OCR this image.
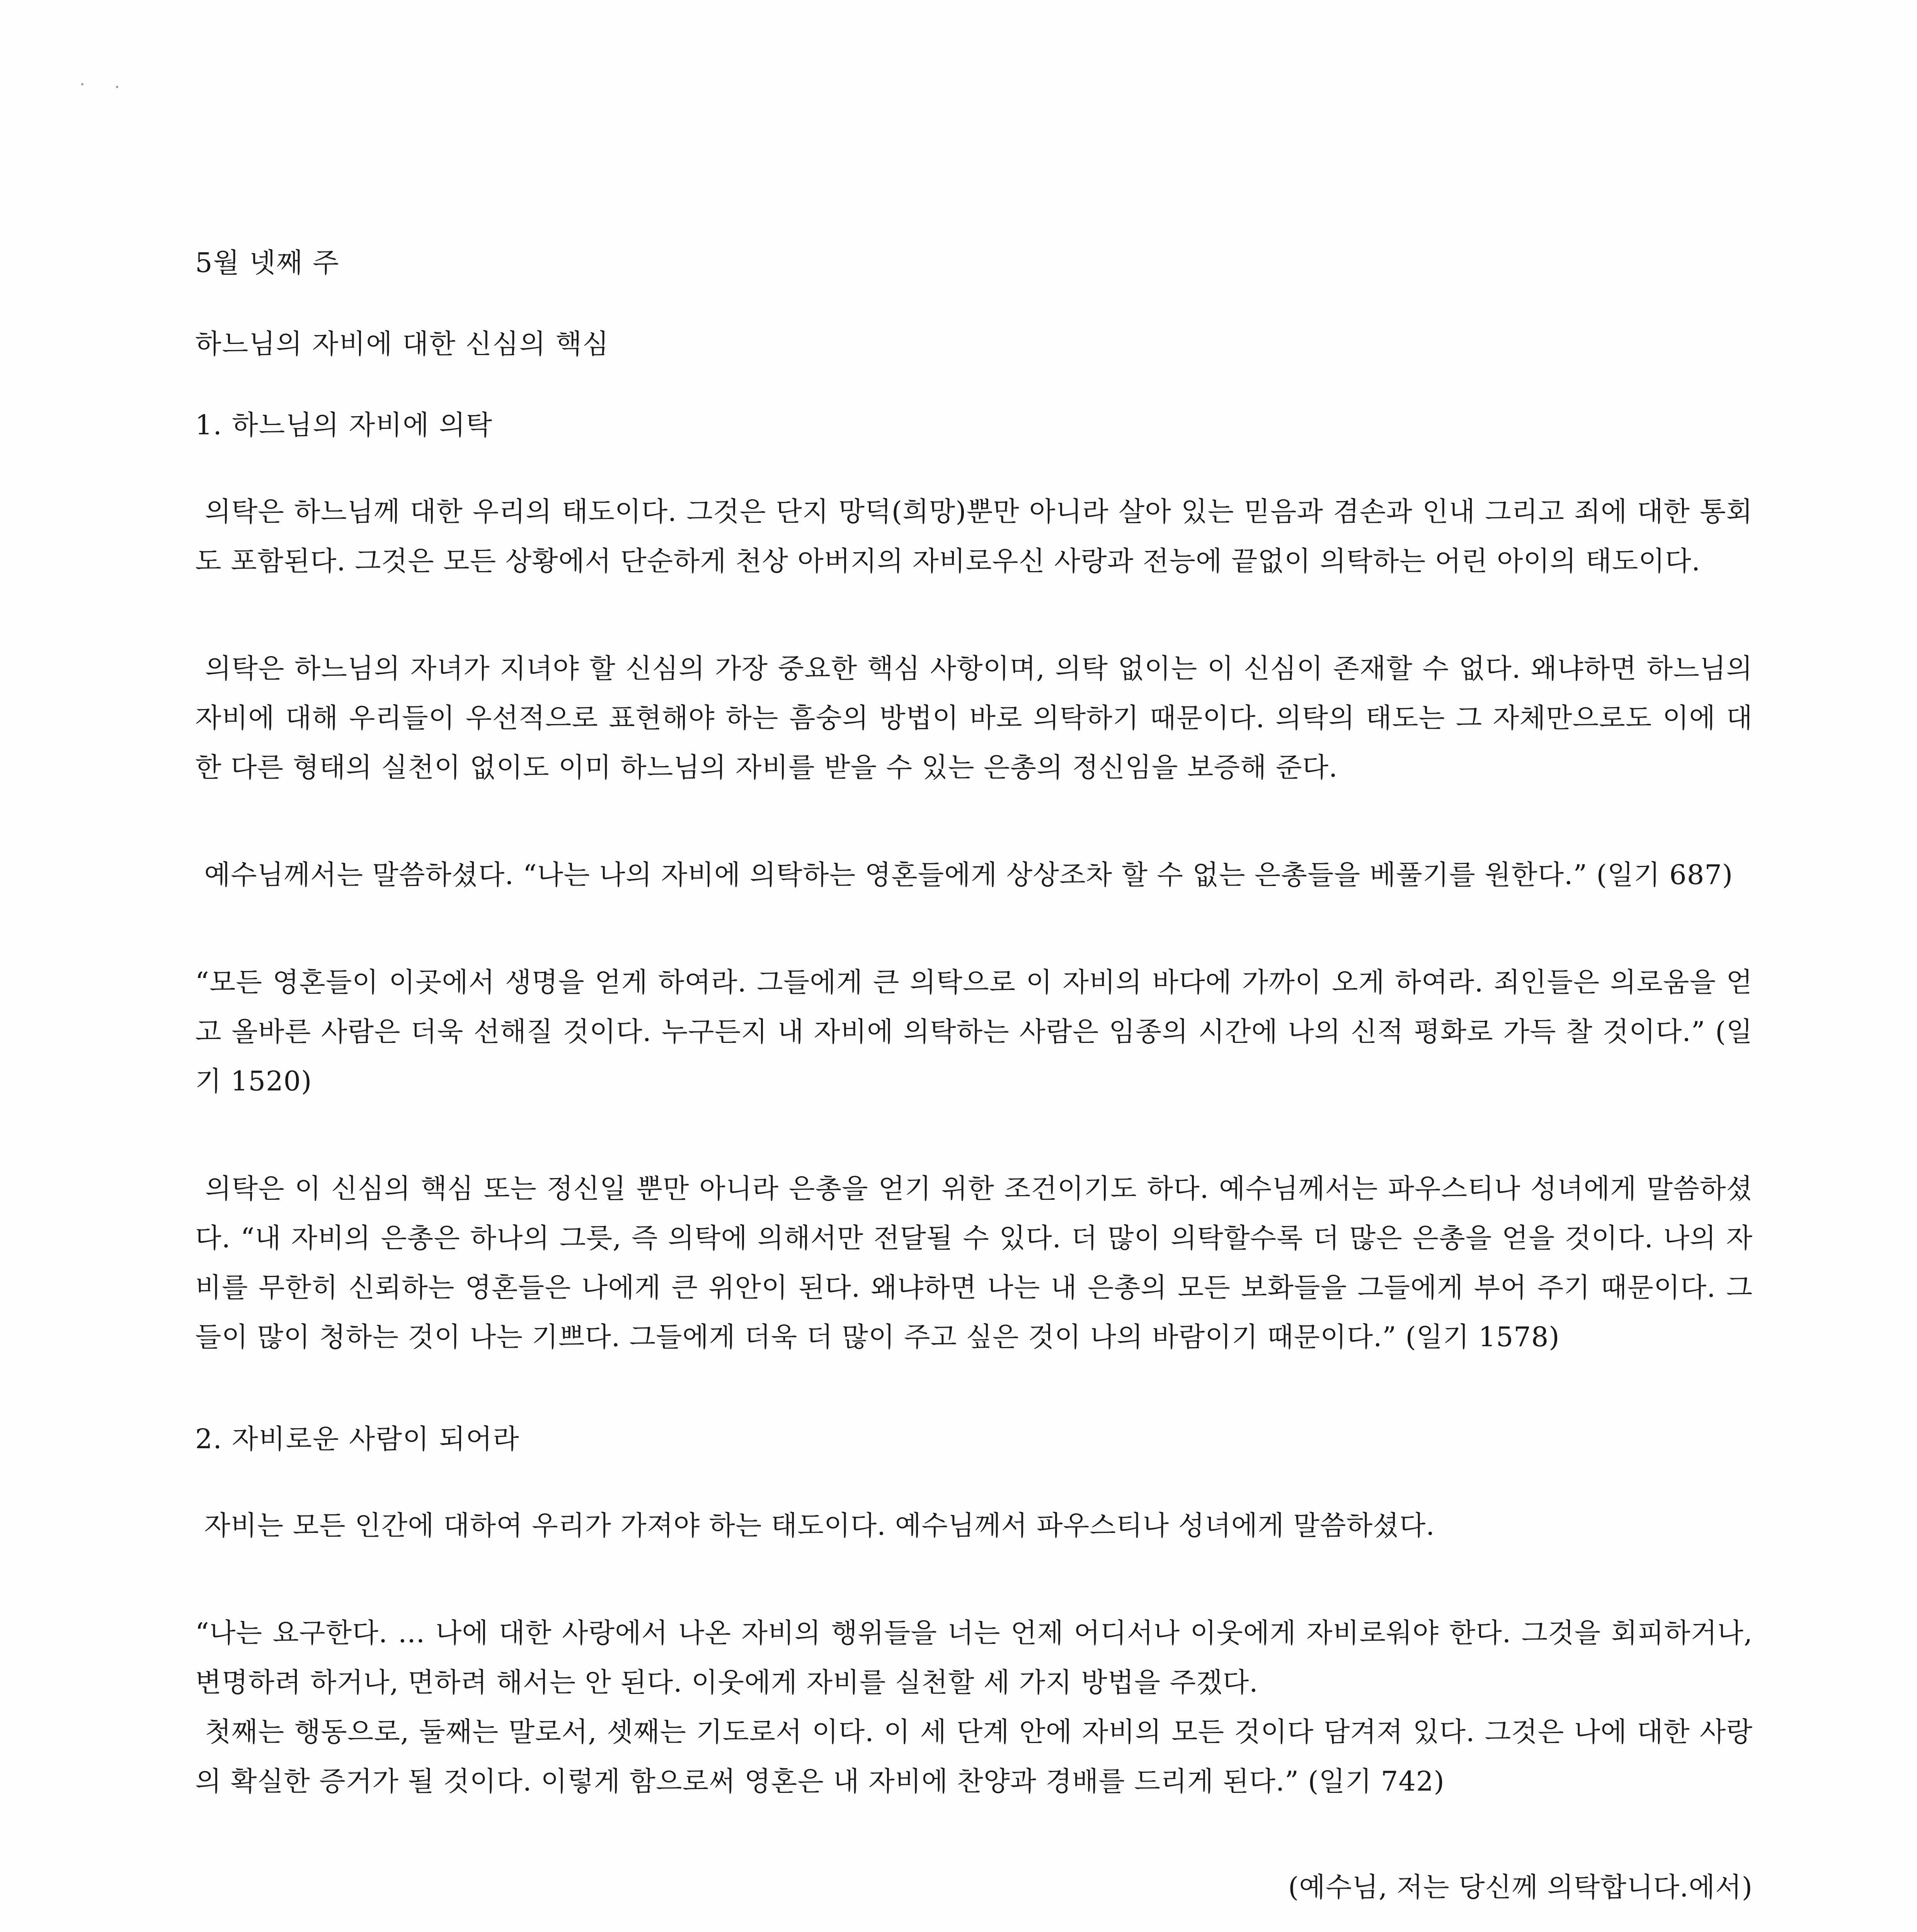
5월 넷째 주
하느님의 자비에 대한 신심의 핵심
1. 하느님의 자비에 의탁

의탁은 하느님께 대한 우리의 태도이다. 그것은 단지 망덕(희망)뿐만 아니라 살아 있는 믿음과 겸손과 인내 그리고 죄에 대한 통회도 포함된다. 그것은 모든 상황에서 단순하게 천상 아버지의 자비로우신 사랑과 전능에 끝없이 의탁하는 어린 아이의 태도이다.

의탁은 하느님의 자녀가 지녀야 할 신심의 가장 중요한 핵심 사항이며, 의탁 없이는 이 신심이 존재할 수 없다. 왜냐하면 하느님의 자비에 대해 우리들이 우선적으로 표현해야 하는 흠숭의 방법이 바로 의탁하기 때문이다. 의탁의 태도는 그 자체만으로도 이에 대한 다른 형태의 실천이 없이도 이미 하느님의 자비를 받을 수 있는 은총의 정신임을 보증해 준다.

예수님께서는 말씀하셨다. “나는 나의 자비에 의탁하는 영혼들에게 상상조차 할 수 없는 은총들을 베풀기를 원한다.” (일기 687)

“모든 영혼들이 이곳에서 생명을 얻게 하여라. 그들에게 큰 의탁으로 이 자비의 바다에 가까이 오게 하여라. 죄인들은 의로움을 얻고 올바른 사람은 더욱 선해질 것이다. 누구든지 내 자비에 의탁하는 사람은 임종의 시간에 나의 신적 평화로 가득 찰 것이다.” (일기 1520)

의탁은 이 신심의 핵심 또는 정신일 뿐만 아니라 은총을 얻기 위한 조건이기도 하다. 예수님께서는 파우스티나 성녀에게 말씀하셨다. “내 자비의 은총은 하나의 그릇, 즉 의탁에 의해서만 전달될 수 있다. 더 많이 의탁할수록 더 많은 은총을 얻을 것이다. 나의 자비를 무한히 신뢰하는 영혼들은 나에게 큰 위안이 된다. 왜냐하면 나는 내 은총의 모든 보화들을 그들에게 부어 주기 때문이다. 그들이 많이 청하는 것이 나는 기쁘다. 그들에게 더욱 더 많이 주고 싶은 것이 나의 바람이기 때문이다.” (일기 1578)

2. 자비로운 사람이 되어라

자비는 모든 인간에 대하여 우리가 가져야 하는 태도이다. 예수님께서 파우스티나 성녀에게 말씀하셨다.

“나는 요구한다. … 나에 대한 사랑에서 나온 자비의 행위들을 너는 언제 어디서나 이웃에게 자비로워야 한다. 그것을 회피하거나, 변명하려 하거나, 면하려 해서는 안 된다. 이웃에게 자비를 실천할 세 가지 방법을 주겠다.

첫째는 행동으로, 둘째는 말로서, 셋째는 기도로서 이다. 이 세 단계 안에 자비의 모든 것이다 담겨져 있다. 그것은 나에 대한 사랑의 확실한 증거가 될 것이다. 이렇게 함으로써 영혼은 내 자비에 찬양과 경배를 드리게 된다.” (일기 742)

(예수님, 저는 당신께 의탁합니다.에서)
